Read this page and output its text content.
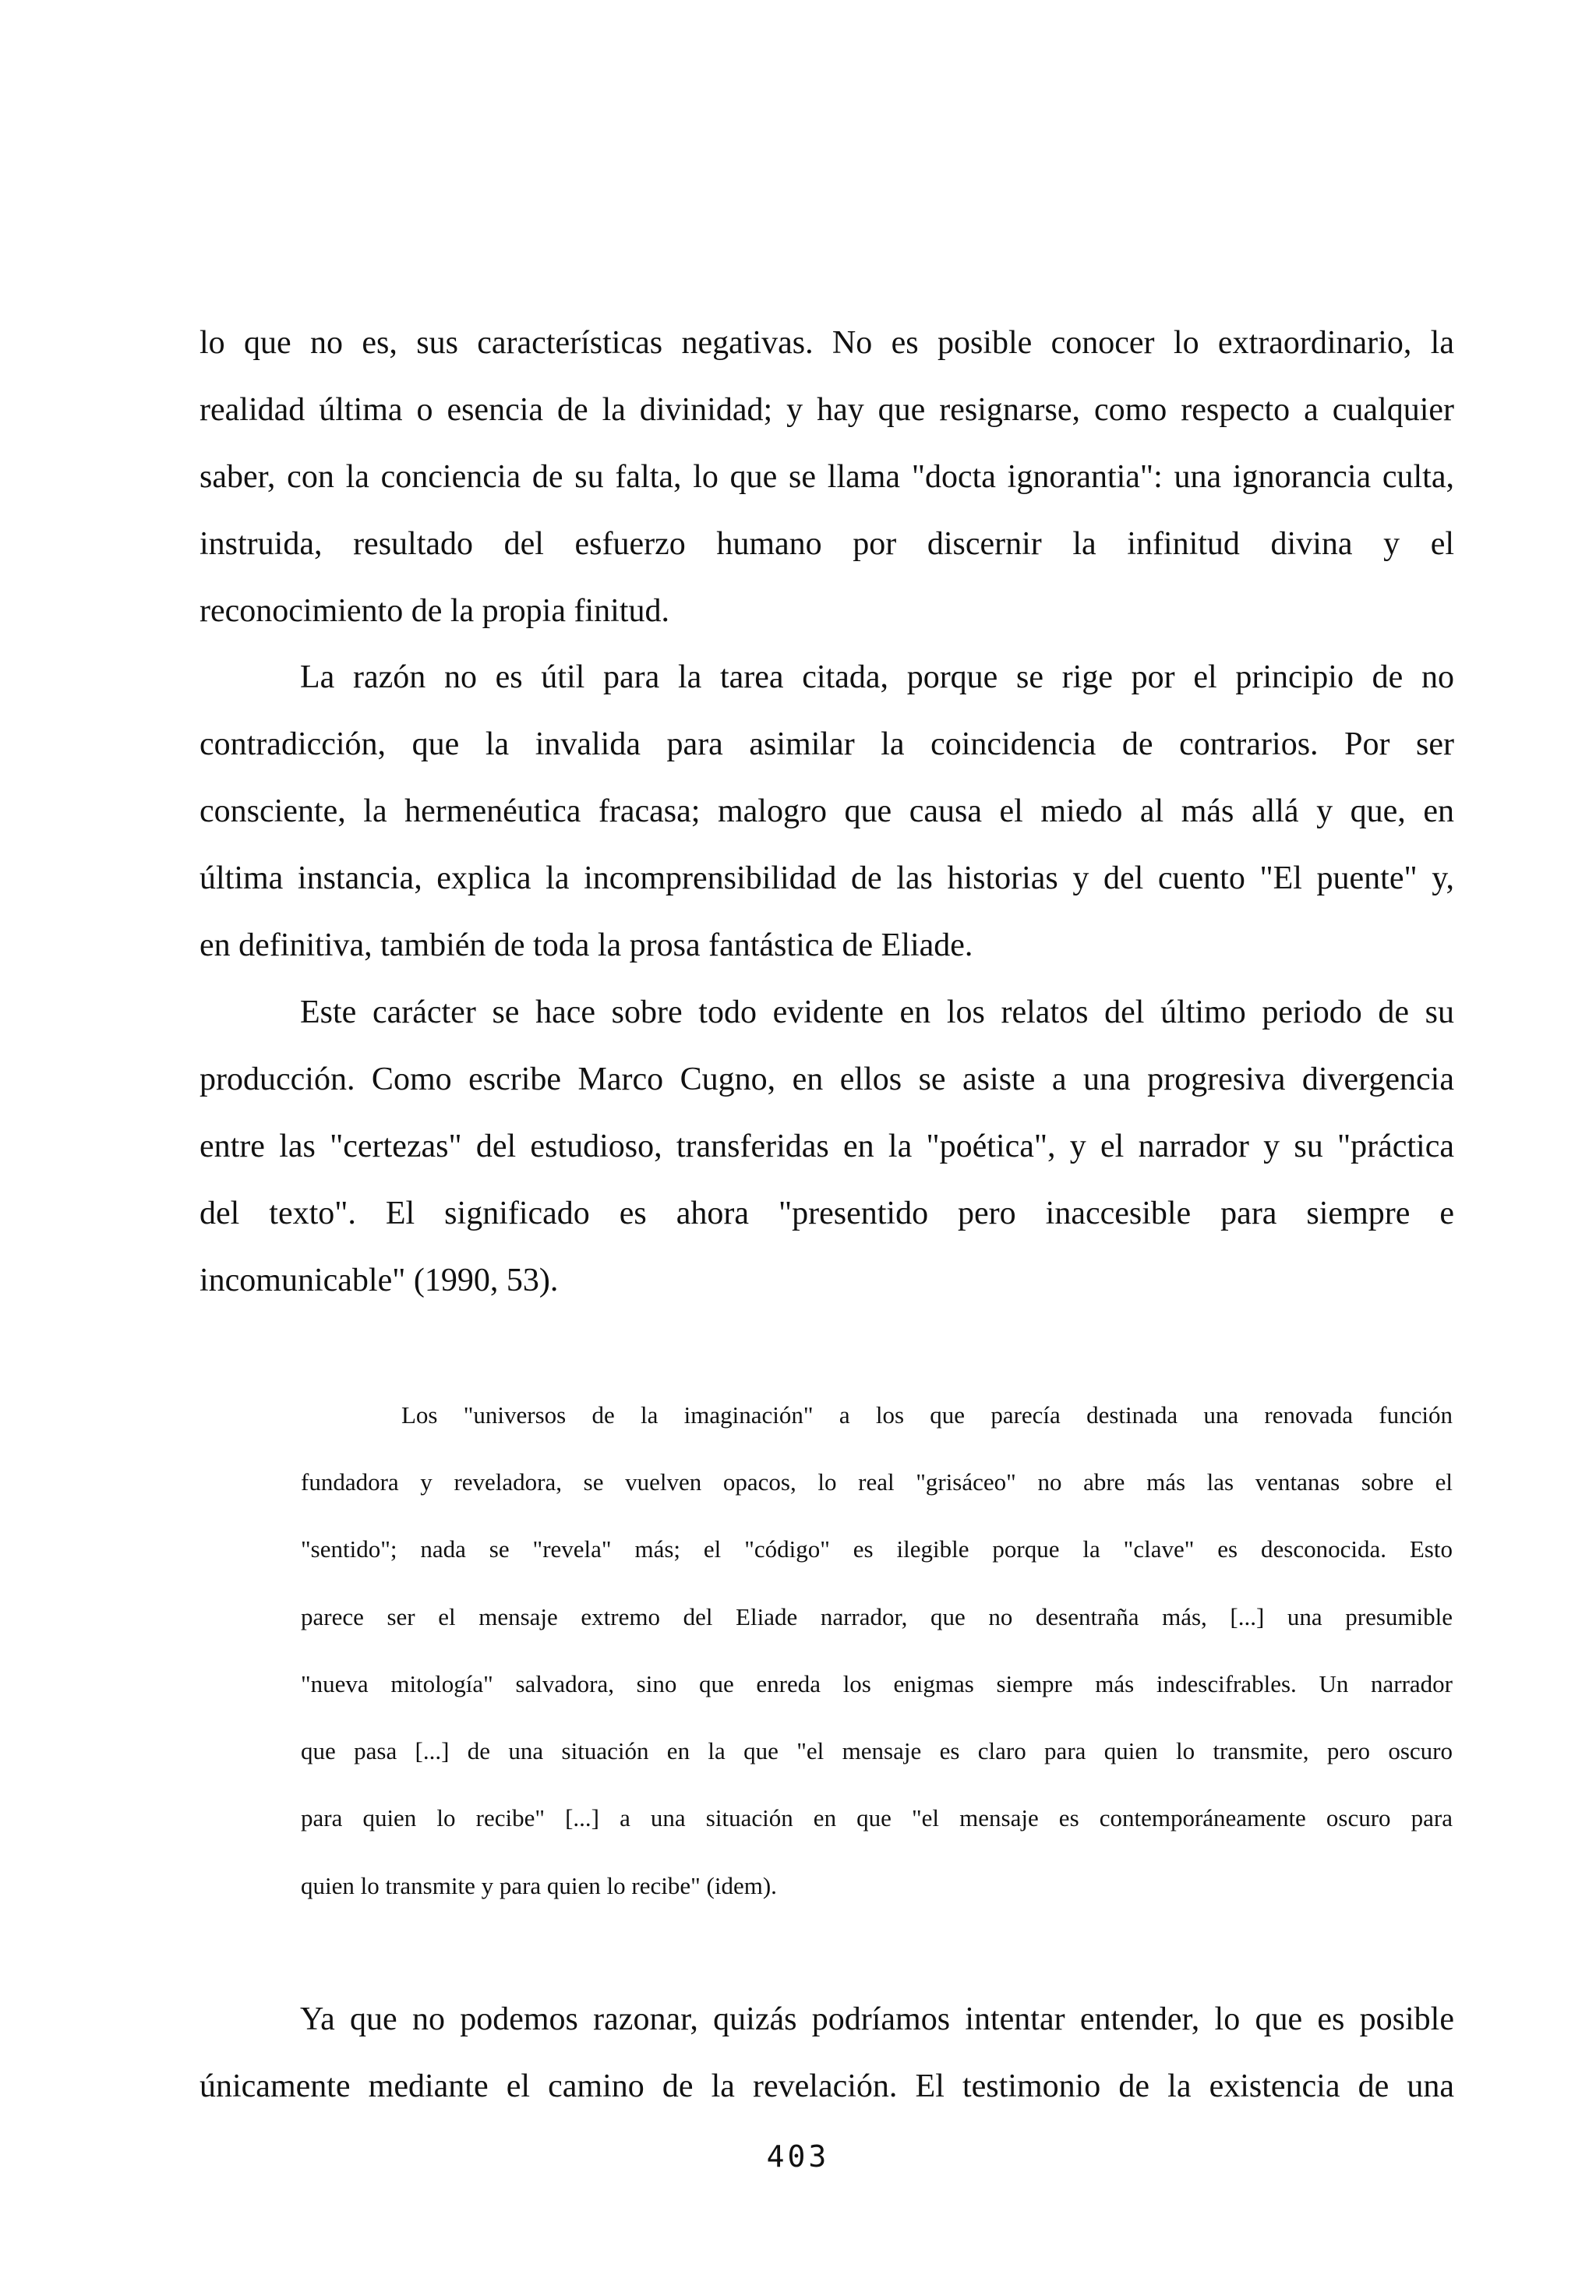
lo que no es, sus características negativas. No es posible conocer lo extraordinario, la
realidad última o esencia de la divinidad; y hay que resignarse, como respecto a cualquier
saber, con la conciencia de su falta, lo que se llama "docta ignorantia": una ignorancia culta,
instruida, resultado del esfuerzo humano por discernir la infinitud divina y el
reconocimiento de la propia finitud.
La razón no es útil para la tarea citada, porque se rige por el principio de no
contradicción, que la invalida para asimilar la coincidencia de contrarios. Por ser
consciente, la hermenéutica fracasa; malogro que causa el miedo al más allá y que, en
última instancia, explica la incomprensibilidad de las historias y del cuento "El puente" y,
en definitiva, también de toda la prosa fantástica de Eliade.
Este carácter se hace sobre todo evidente en los relatos del último periodo de su
producción. Como escribe Marco Cugno, en ellos se asiste a una progresiva divergencia
entre las "certezas" del estudioso, transferidas en la "poética", y el narrador y su "práctica
del texto". El significado es ahora "presentido pero inaccesible para siempre e
incomunicable" (1990, 53).
Los "universos de la imaginación" a los que parecía destinada una renovada función
fundadora y reveladora, se vuelven opacos, lo real "grisáceo" no abre más las ventanas sobre el
"sentido"; nada se "revela" más; el "código" es ilegible porque la "clave" es desconocida. Esto
parece ser el mensaje extremo del Eliade narrador, que no desentraña más, [...] una presumible
"nueva mitología" salvadora, sino que enreda los enigmas siempre más indescifrables. Un narrador
que pasa [...] de una situación en la que "el mensaje es claro para quien lo transmite, pero oscuro
para quien lo recibe" [...] a una situación en que "el mensaje es contemporáneamente oscuro para
quien lo transmite y para quien lo recibe" (idem).
Ya que no podemos razonar, quizás podríamos intentar entender, lo que es posible
únicamente mediante el camino de la revelación. El testimonio de la existencia de una
403
